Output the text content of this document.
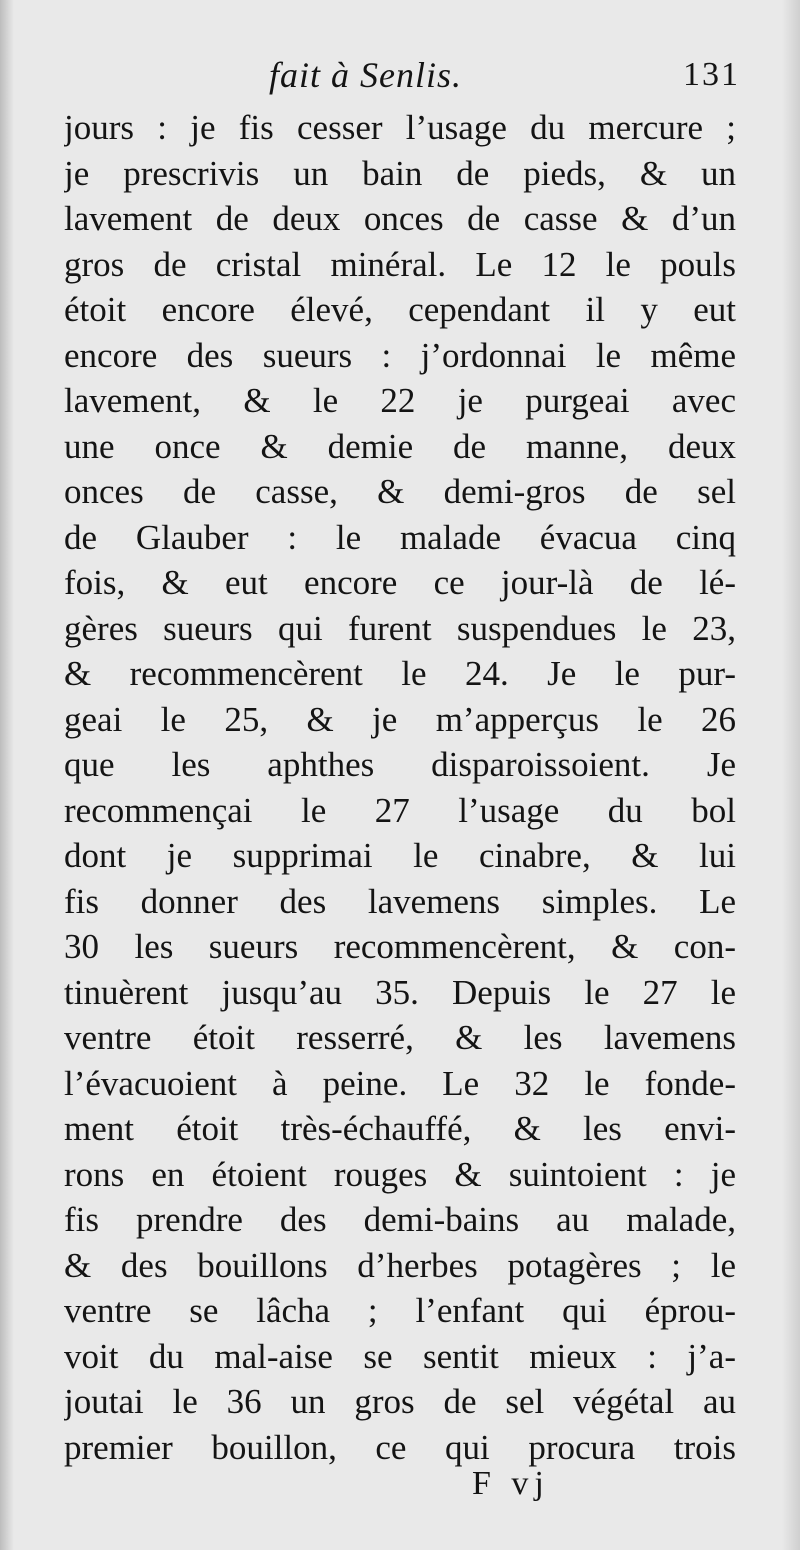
fait à Senlis.	131
jours : je fis cesser l’usage du mercure ;
je prescrivis un bain de pieds, & un
lavement de deux onces de casse & d’un
gros de cristal minéral. Le 12 le pouls
étoit encore élevé, cependant il y eut
encore des sueurs : j’ordonnai le même
lavement, & le 22 je purgeai avec
une once & demie de manne, deux
onces de casse, & demi-gros de sel
de Glauber : le malade évacua cinq
fois, & eut encore ce jour-là de lé-
gères sueurs qui furent suspendues le 23,
& recommencèrent le 24. Je le pur-
geai le 25, & je m’apperçus le 26
que les aphthes disparoissoient. Je
recommençai le 27 l’usage du bol
dont je supprimai le cinabre, & lui
fis donner des lavemens simples. Le
30 les sueurs recommencèrent, & con-
tinuèrent jusqu’au 35. Depuis le 27 le
ventre étoit resserré, & les lavemens
l’évacuoient à peine. Le 32 le fonde-
ment étoit très-échauffé, & les envi-
rons en étoient rouges & suintoient : je
fis prendre des demi-bains au malade,
& des bouillons d’herbes potagères ; le
ventre se lâcha ; l’enfant qui éprou-
voit du mal-aise se sentit mieux : j’a-
joutai le 36 un gros de sel végétal au
premier bouillon, ce qui procura trois
F vj
